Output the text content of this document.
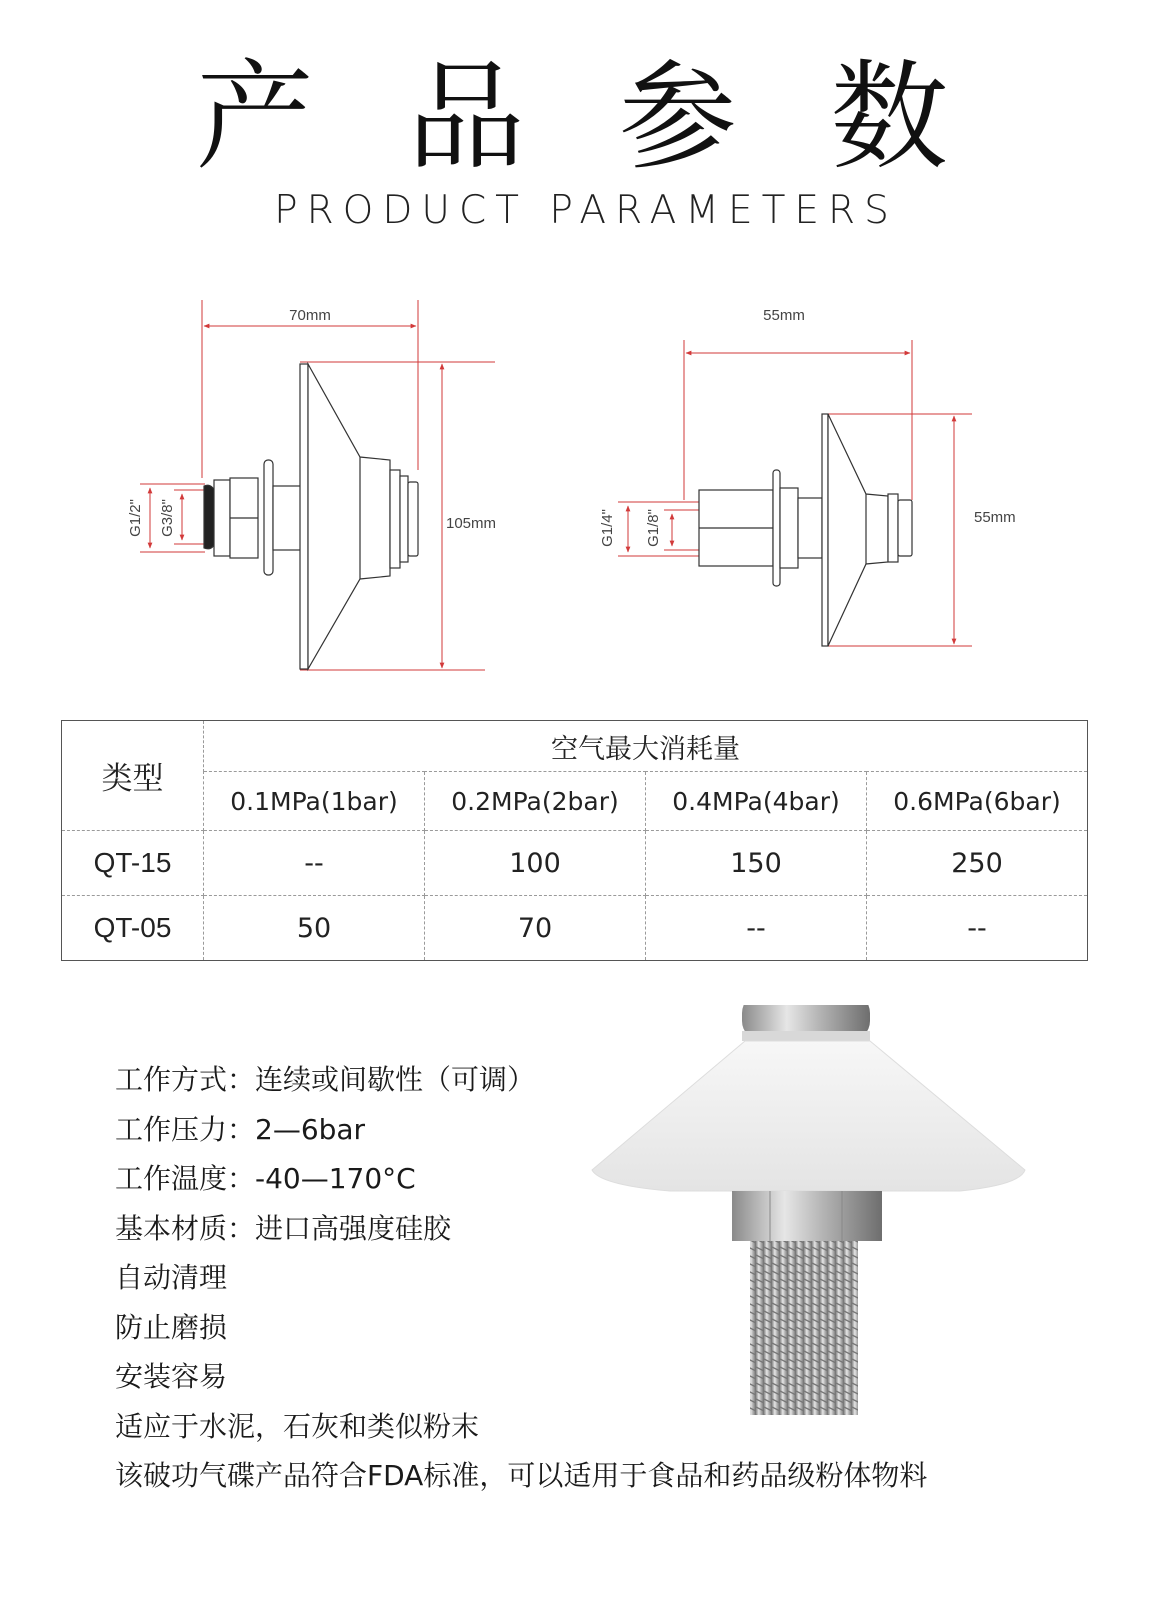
产 品 参 数
PRODUCT PARAMETERS
70mm
105mm
G1/2" G3/8"
55mm
55mm
G1/4" G1/8"
类型	空气最大消耗量			
	0.1MPa(1bar)	0.2MPa(2bar)	0.4MPa(4bar)	0.6MPa(6bar)
QT-15	--	100	150	250
QT-05	50	70	--	--
工作方式：连续或间歇性（可调）
工作压力：2—6bar
工作温度：-40—170°C
基本材质：进口高强度硅胶
自动清理
防止磨损
安装容易
适应于水泥，石灰和类似粉末
该破功气碟产品符合FDA标准，可以适用于食品和药品级粉体物料
